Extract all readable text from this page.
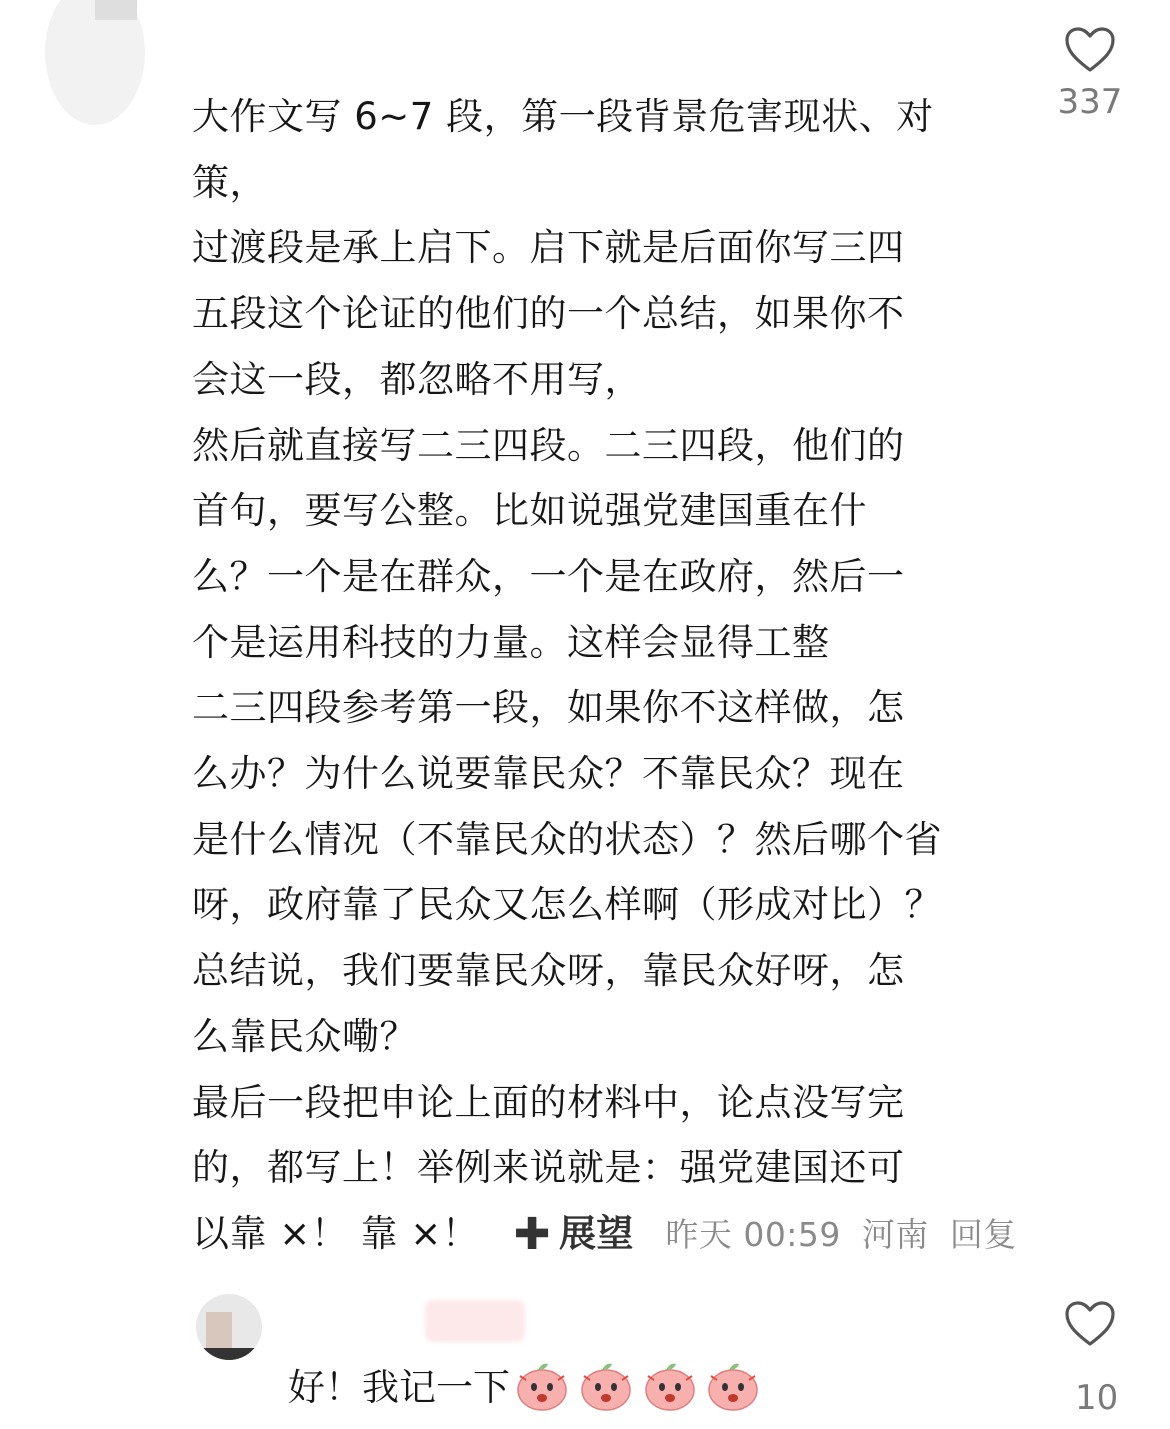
大作文写 6~7 段，第一段背景危害现状、对
策，
过渡段是承上启下。启下就是后面你写三四
五段这个论证的他们的一个总结，如果你不
会这一段，都忽略不用写，
然后就直接写二三四段。二三四段，他们的
首句，要写公整。比如说强党建国重在什
么？一个是在群众，一个是在政府，然后一
个是运用科技的力量。这样会显得工整
二三四段参考第一段，如果你不这样做，怎
么办？为什么说要靠民众？不靠民众？现在
是什么情况（不靠民众的状态）？然后哪个省
呀，政府靠了民众又怎么样啊（形成对比）？
总结说，我们要靠民众呀，靠民众好呀，怎
么靠民众嘞？
最后一段把申论上面的材料中，论点没写完
的，都写上！举例来说就是：强党建国还可
以靠 ×！ 靠 ×！ ✚ 展望 昨天 00:59 河南 回复
337
好！我记一下	10
